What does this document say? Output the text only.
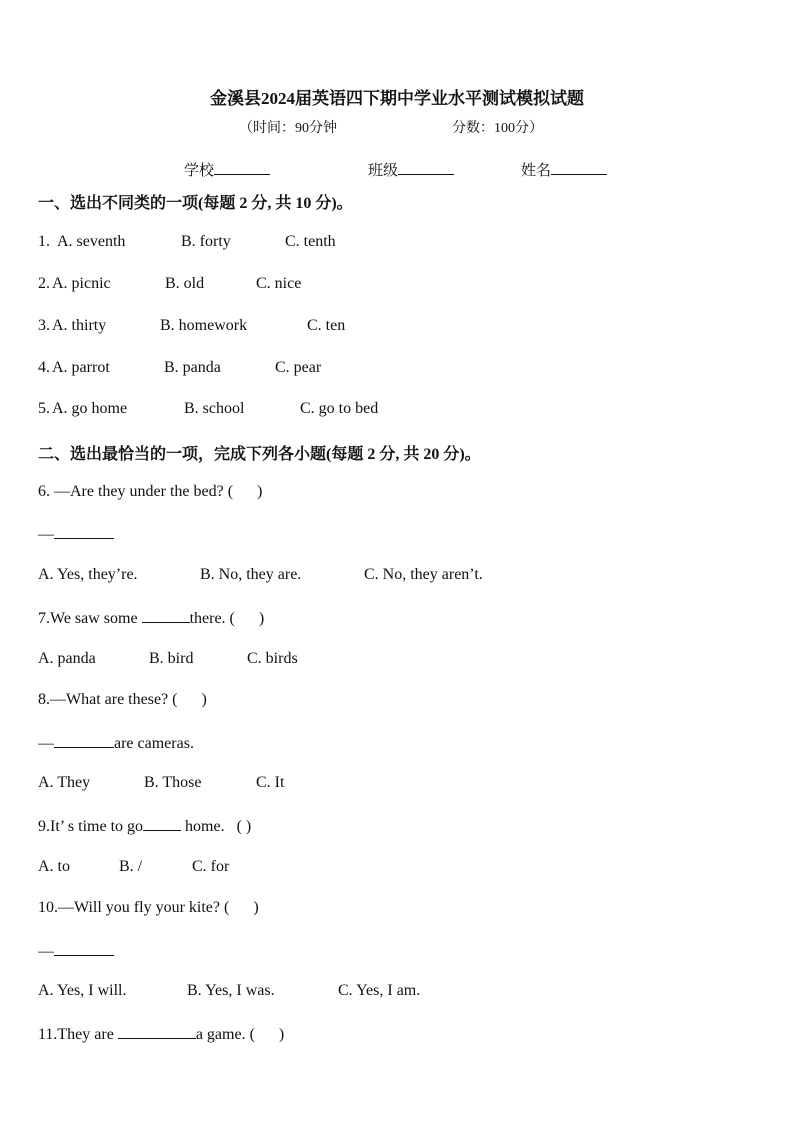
金溪县2024届英语四下期中学业水平测试模拟试题
（时间：90分钟	分数：100分）
学校	班级	姓名
一、选出不同类的一项(每题 2 分, 共 10 分)。
1. A. seventh	B. forty	C. tenth
2. A. picnic	B. old	C. nice
3. A. thirty	B. homework	C. ten
4. A. parrot	B. panda	C. pear
5. A. go home	B. school	C. go to bed
二、选出最恰当的一项，完成下列各小题(每题 2 分, 共 20 分)。
6. —Are they under the bed? ( )
—
A. Yes, they’re.	B. No, they are.	C. No, they aren’t.
7.We saw some	there. ( )
A. panda	B. bird	C. birds
8.—What are these? ( )
—	are cameras.
A. They	B. Those	C. It
9.It’ s time to go	home. ( )
A. to	B. /	C. for
10.—Will you fly your kite? ( )
—
A. Yes, I will.	B. Yes, I was.	C. Yes, I am.
11.They are	a game. ( )
